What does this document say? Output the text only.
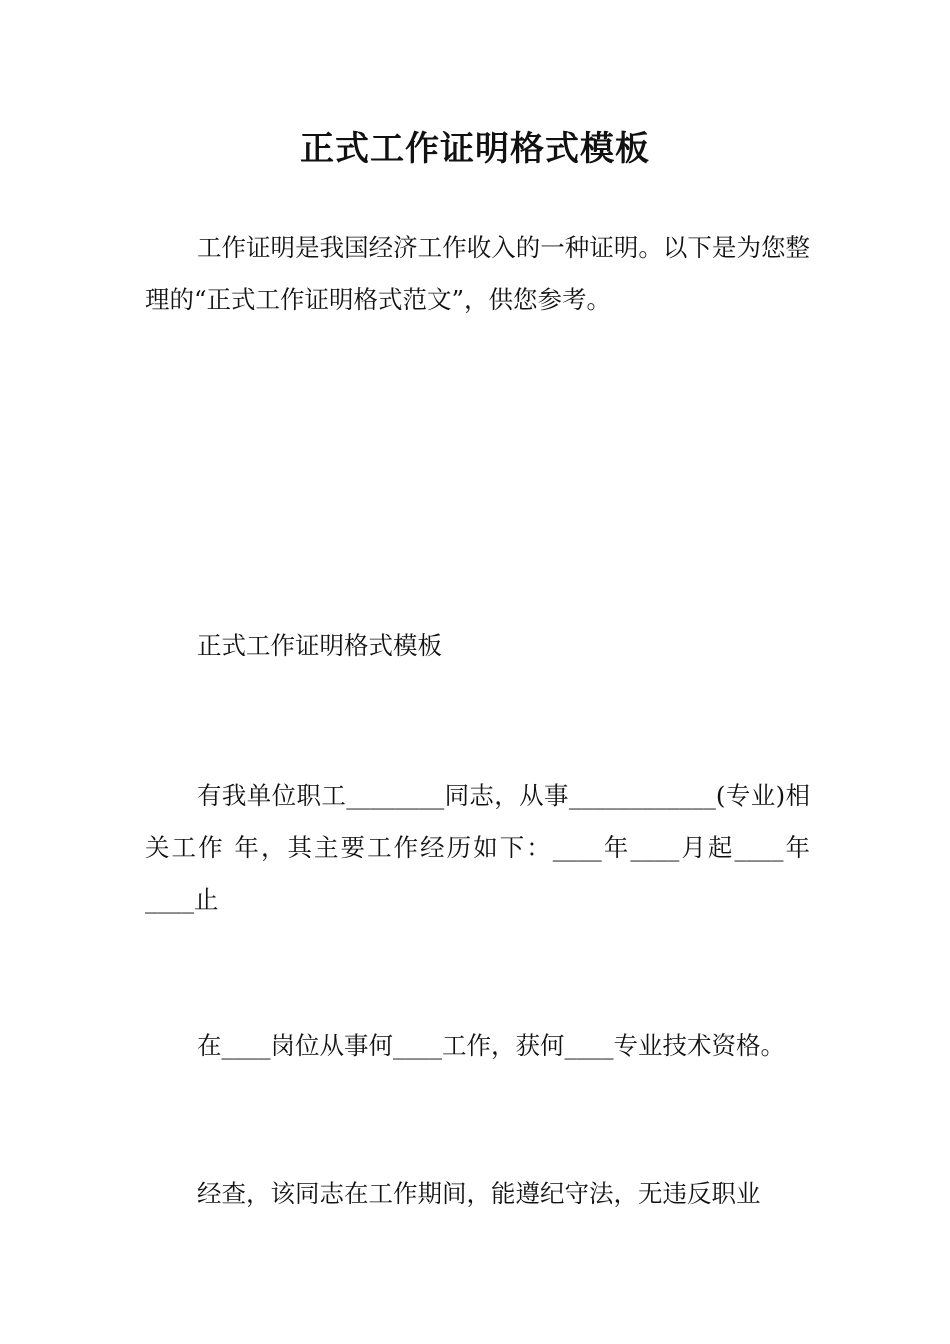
正式工作证明格式模板

工作证明是我国经济工作收入的一种证明。以下是为您整理的“正式工作证明格式范文”，供您参考。

正式工作证明格式模板

有我单位职工________同志，从事____________(专业)相关工作 年，其主要工作经历如下：____年____月起____年____止

在____岗位从事何____工作，获何____专业技术资格。

经查，该同志在工作期间，能遵纪守法，无违反职业
